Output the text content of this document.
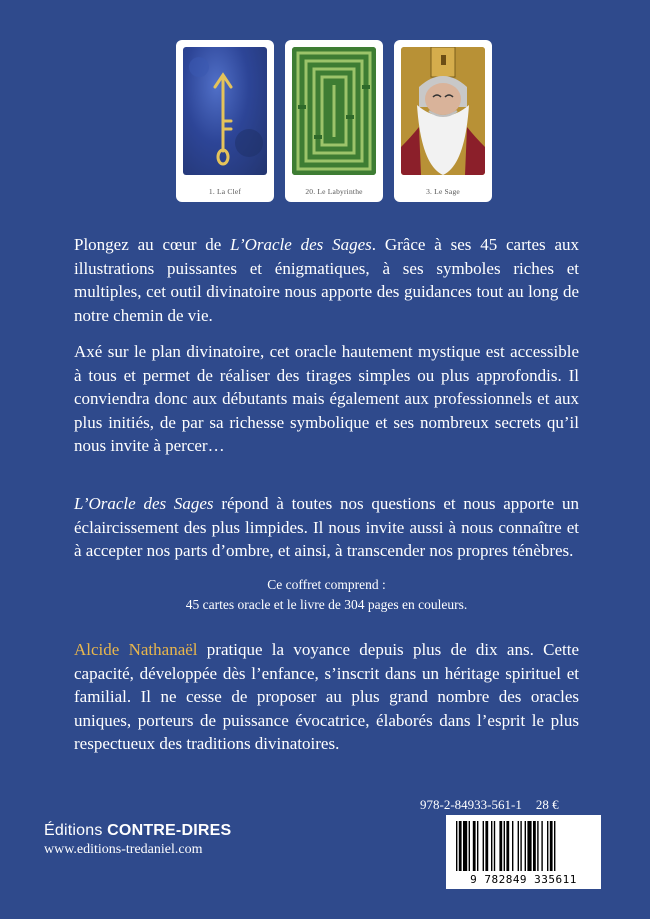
1. La Clef	20. Le Labyrinthe	3. Le Sage

Plongez au cœur de L’Oracle des Sages. Grâce à ses 45 cartes aux illustrations puissantes et énigmatiques, à ses symboles riches et multiples, cet outil divinatoire nous apporte des guidances tout au long de notre chemin de vie.

Axé sur le plan divinatoire, cet oracle hautement mystique est accessible à tous et permet de réaliser des tirages simples ou plus approfondis. Il conviendra donc aux débutants mais également aux professionnels et aux plus initiés, de par sa richesse symbolique et ses nombreux secrets qu’il nous invite à percer…

L’Oracle des Sages répond à toutes nos questions et nous apporte un éclaircissement des plus limpides. Il nous invite aussi à nous connaître et à accepter nos parts d’ombre, et ainsi, à transcender nos propres ténèbres.

Ce coffret comprend :
45 cartes oracle et le livre de 304 pages en couleurs.

Alcide Nathanaël pratique la voyance depuis plus de dix ans. Cette capacité, développée dès l’enfance, s’inscrit dans un héritage spirituel et familial. Il ne cesse de proposer au plus grand nombre des oracles uniques, porteurs de puissance évocatrice, élaborés dans l’esprit le plus respectueux des traditions divinatoires.

Éditions CONTRE-DIRES
www.editions-tredaniel.com
978-2-84933-561-1 28 €
9 782849 335611
